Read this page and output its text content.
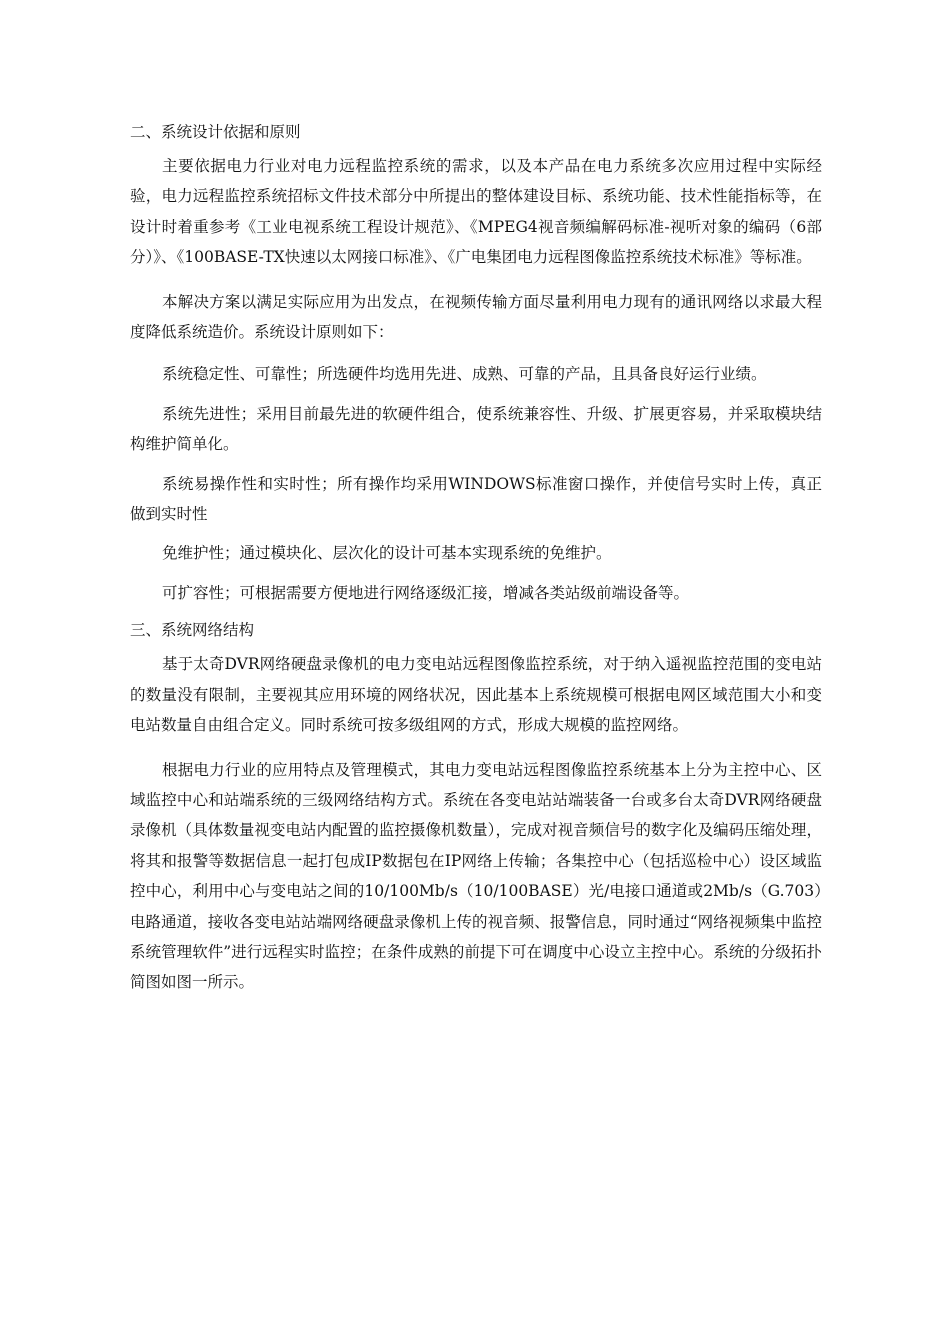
二、系统设计依据和原则

主要依据电力行业对电力远程监控系统的需求，以及本产品在电力系统多次应用过程中实际经验，电力远程监控系统招标文件技术部分中所提出的整体建设目标、系统功能、技术性能指标等，在设计时着重参考《工业电视系统工程设计规范》、《MPEG4视音频编解码标准-视听对象的编码（6部分）》、《100BASE-TX快速以太网接口标准》、《广电集团电力远程图像监控系统技术标准》等标准。

本解决方案以满足实际应用为出发点，在视频传输方面尽量利用电力现有的通讯网络以求最大程度降低系统造价。系统设计原则如下：

系统稳定性、可靠性；所选硬件均选用先进、成熟、可靠的产品，且具备良好运行业绩。

系统先进性；采用目前最先进的软硬件组合，使系统兼容性、升级、扩展更容易，并采取模块结构维护简单化。

系统易操作性和实时性；所有操作均采用WINDOWS标准窗口操作，并使信号实时上传，真正做到实时性

免维护性；通过模块化、层次化的设计可基本实现系统的免维护。

可扩容性；可根据需要方便地进行网络逐级汇接，增减各类站级前端设备等。

三、系统网络结构

基于太奇DVR网络硬盘录像机的电力变电站远程图像监控系统，对于纳入遥视监控范围的变电站的数量没有限制，主要视其应用环境的网络状况，因此基本上系统规模可根据电网区域范围大小和变电站数量自由组合定义。同时系统可按多级组网的方式，形成大规模的监控网络。

根据电力行业的应用特点及管理模式，其电力变电站远程图像监控系统基本上分为主控中心、区域监控中心和站端系统的三级网络结构方式。系统在各变电站站端装备一台或多台太奇DVR网络硬盘录像机（具体数量视变电站内配置的监控摄像机数量），完成对视音频信号的数字化及编码压缩处理，将其和报警等数据信息一起打包成IP数据包在IP网络上传输；各集控中心（包括巡检中心）设区域监控中心，利用中心与变电站之间的10/100Mb/s（10/100BASE）光/电接口通道或2Mb/s（G.703）电路通道，接收各变电站站端网络硬盘录像机上传的视音频、报警信息，同时通过“网络视频集中监控系统管理软件”进行远程实时监控；在条件成熟的前提下可在调度中心设立主控中心。系统的分级拓扑简图如图一所示。
